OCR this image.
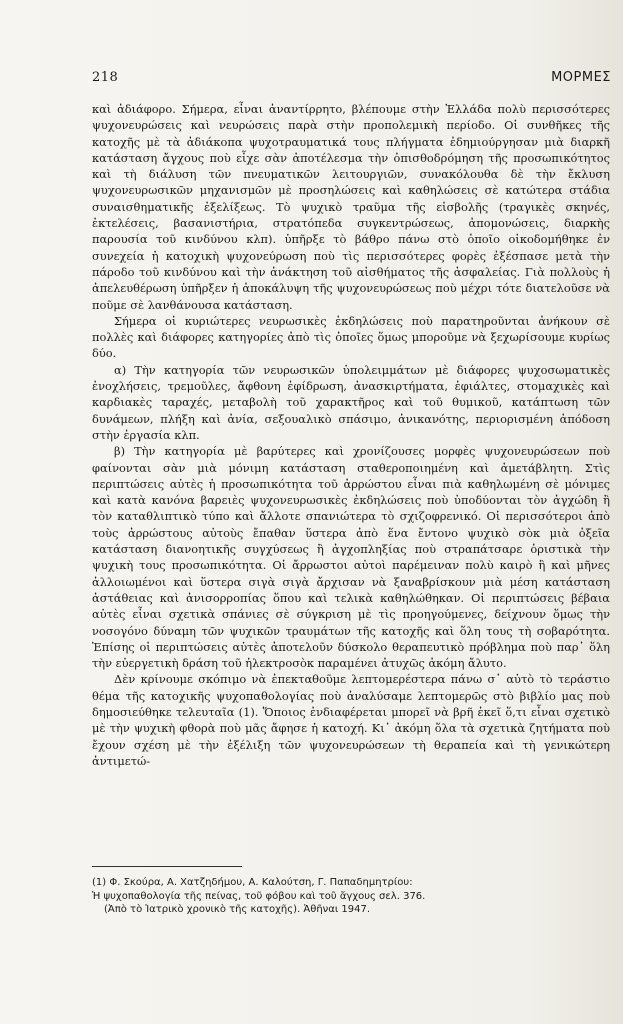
218	ΜΟΡΜΕΣ

καὶ ἀδιάφορο. Σήμερα, εἶναι ἀναντίρρητο, βλέπουμε στὴν Ἑλλάδα πολὺ περισσότερες ψυχονευρώσεις καὶ νευρώσεις παρὰ στὴν προπολεμικὴ περίοδο. Οἱ συνθῆκες τῆς κατοχῆς μὲ τὰ ἀδιάκοπα ψυχοτραυματικά τους πλήγματα ἐδημιούργησαν μιὰ διαρκῆ κατάσταση ἄγχους ποὺ εἶχε σὰν ἀποτέλεσμα τὴν ὀπισθοδρόμηση τῆς προσωπικότητος καὶ τὴ διάλυση τῶν πνευματικῶν λειτουργιῶν, συνακόλουθα δὲ τὴν ἔκλυση ψυχονευρωσικῶν μηχανισμῶν μὲ προσηλώσεις καὶ καθηλώσεις σὲ κατώτερα στάδια συναισθηματικῆς ἐξελίξεως. Τὸ ψυχικὸ τραῦμα τῆς εἰσβολῆς (τραγικὲς σκηνές, ἐκτελέσεις, βασανιστήρια, στρατόπεδα συγκεντρώσεως, ἀπομονώσεις, διαρκὴς παρουσία τοῦ κινδύνου κλπ). ὑπῆρξε τὸ βάθρο πάνω στὸ ὁποῖο οἰκοδομήθηκε ἐν συνεχεία ἡ κατοχικὴ ψυχονεύρωση ποὺ τὶς περισσότερες φορὲς ἐξέσπασε μετὰ τὴν πάροδο τοῦ κινδύνου καὶ τὴν ἀνάκτηση τοῦ αἰσθήματος τῆς ἀσφαλείας. Γιὰ πολλοὺς ἡ ἀπελευθέρωση ὑπῆρξεν ἡ ἀποκάλυψη τῆς ψυχονευρώσεως ποὺ μέχρι τότε διατελοῦσε νὰ ποῦμε σὲ λανθάνουσα κατάσταση.

Σήμερα οἱ κυριώτερες νευρωσικὲς ἐκδηλώσεις ποὺ παρατηροῦνται ἀνήκουν σὲ πολλὲς καὶ διάφορες κατηγορίες ἀπὸ τὶς ὁποῖες ὅμως μποροῦμε νὰ ξεχωρίσουμε κυρίως δύο.

α) Τὴν κατηγορία τῶν νευρωσικῶν ὑπολειμμάτων μὲ διάφορες ψυχοσωματικὲς ἐνοχλήσεις, τρεμοῦλες, ἄφθονη ἐφίδρωση, ἀνασκιρτήματα, ἐφιάλτες, στομαχικὲς καὶ καρδιακὲς ταραχές, μεταβολὴ τοῦ χαρακτῆρος καὶ τοῦ θυμικοῦ, κατάπτωση τῶν δυνάμεων, πλήξη καὶ ἀνία, σεξουαλικὸ σπάσιμο, ἀνικανότης, περιορισμένη ἀπόδοση στὴν ἐργασία κλπ.

β) Τὴν κατηγορία μὲ βαρύτερες καὶ χρονίζουσες μορφὲς ψυχονευρώσεων ποὺ φαίνονται σὰν μιὰ μόνιμη κατάσταση σταθεροποιημένη καὶ ἀμετάβλητη. Στὶς περιπτώσεις αὐτὲς ἡ προσωπικότητα τοῦ ἀρρώστου εἶναι πιὰ καθηλωμένη σὲ μόνιμες καὶ κατὰ κανόνα βαρειὲς ψυχονευρωσικὲς ἐκδηλώσεις ποὺ ὑποδύονται τὸν ἀγχώδη ἢ τὸν καταθλιπτικὸ τύπο καὶ ἄλλοτε σπανιώτερα τὸ σχιζοφρενικό. Οἱ περισσότεροι ἀπὸ τοὺς ἀρρώστους αὐτοὺς ἔπαθαν ὕστερα ἀπὸ ἕνα ἔντονο ψυχικὸ σὸκ μιὰ ὀξεῖα κατάσταση διανοητικῆς συγχύσεως ἢ ἀγχοπληξίας ποὺ στραπάτσαρε ὁριστικὰ τὴν ψυχικὴ τους προσωπικότητα. Οἱ ἄρρωστοι αὐτοὶ παρέμειναν πολὺ καιρὸ ἢ καὶ μῆνες ἀλλοιωμένοι καὶ ὕστερα σιγὰ σιγὰ ἄρχισαν νὰ ξαναβρίσκουν μιὰ μέση κατάσταση ἀστάθειας καὶ ἀνισορροπίας ὅπου καὶ τελικὰ καθηλώθηκαν. Οἱ περιπτώσεις βέβαια αὐτὲς εἶναι σχετικὰ σπάνιες σὲ σύγκριση μὲ τὶς προηγούμενες, δείχνουν ὅμως τὴν νοσογόνο δύναμη τῶν ψυχικῶν τραυμάτων τῆς κατοχῆς καὶ ὅλη τους τὴ σοβαρότητα. Ἐπίσης οἱ περιπτώσεις αὐτὲς ἀποτελοῦν δύσκολο θεραπευτικὸ πρόβλημα ποὺ παρ᾿ ὅλη τὴν εὐεργετικὴ δράση τοῦ ἠλεκτροσὸκ παραμένει ἀτυχῶς ἀκόμη ἄλυτο.

Δὲν κρίνουμε σκόπιμο νὰ ἐπεκταθοῦμε λεπτομερέστερα πάνω σ᾿ αὐτὸ τὸ τεράστιο θέμα τῆς κατοχικῆς ψυχοπαθολογίας ποὺ ἀναλύσαμε λεπτομερῶς στὸ βιβλίο μας ποὺ δημοσιεύθηκε τελευταῖα (1). Ὅποιος ἐνδιαφέρεται μπορεῖ νὰ βρῆ ἐκεῖ ὅ,τι εἶναι σχετικὸ μὲ τὴν ψυχικὴ φθορὰ ποὺ μᾶς ἄφησε ἡ κατοχή. Κι᾿ ἀκόμη ὅλα τὰ σχετικὰ ζητήματα ποὺ ἔχουν σχέση μὲ τὴν ἐξέλιξη τῶν ψυχονευρώσεων τὴ θεραπεία καὶ τὴ γενικώτερη ἀντιμετώ-

(1) Φ. Σκούρα, Α. Χατζηδήμου, Α. Καλούτση, Γ. Παπαδημητρίου:

Ἡ ψυχοπαθολογία τῆς πείνας, τοῦ φόβου καὶ τοῦ ἄγχους σελ. 376.

(Ἀπὸ τὸ Ἰατρικὸ χρονικὸ τῆς κατοχῆς). Ἀθῆναι 1947.
